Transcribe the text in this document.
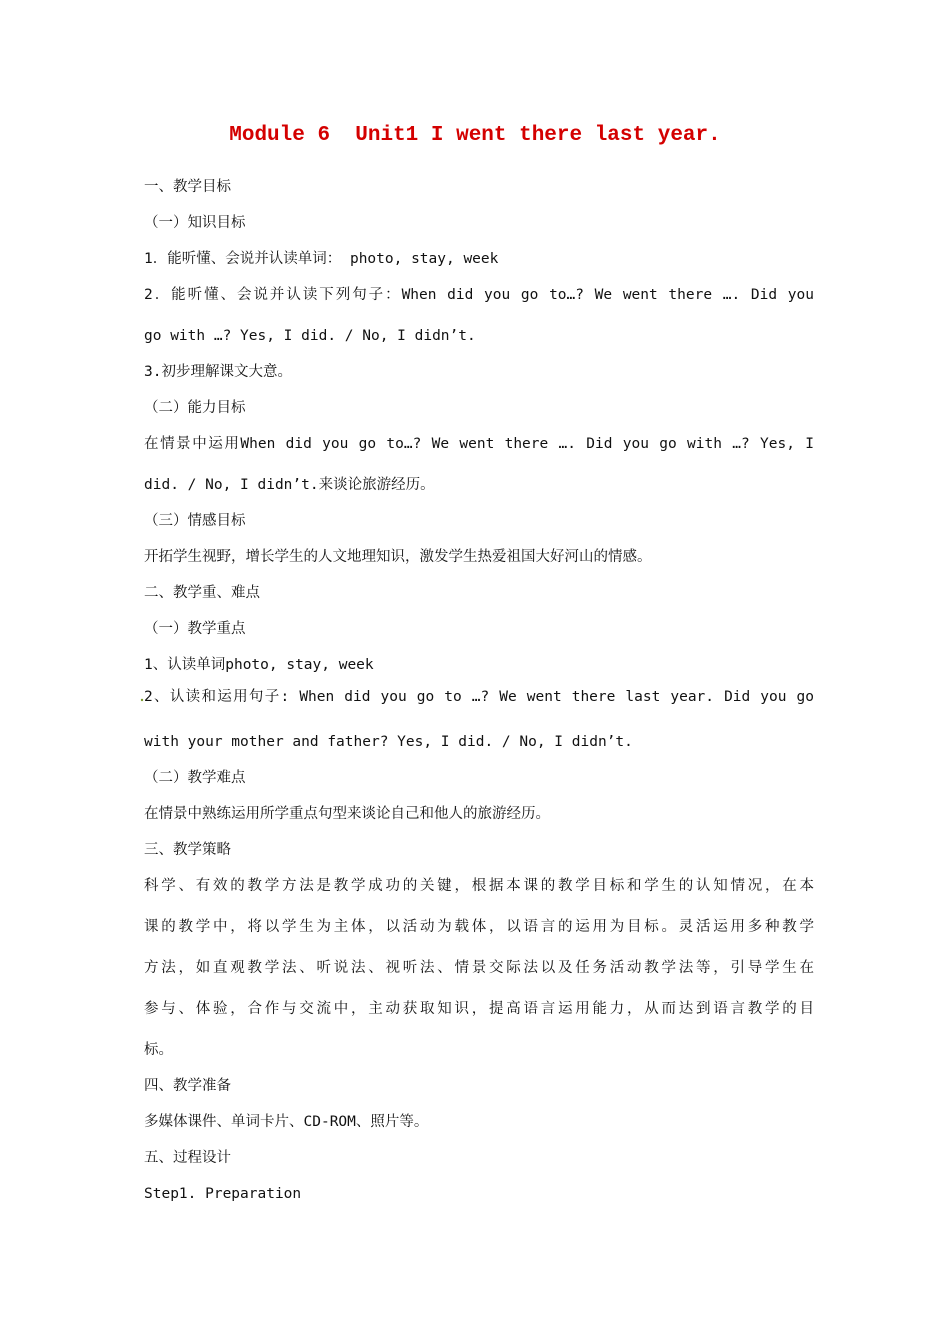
Module 6  Unit1 I went there last year.
一、教学目标
（一）知识目标
1．能听懂、会说并认读单词： photo, stay, week
2．能听懂、会说并认读下列句子：When did you go to…? We went there …. Did you
go with …? Yes, I did. / No, I didn’t.
3.初步理解课文大意。
（二）能力目标
在情景中运用When did you go to…? We went there …. Did you go with …? Yes, I
did. / No, I didn’t.来谈论旅游经历。
（三）情感目标
开拓学生视野，增长学生的人文地理知识，激发学生热爱祖国大好河山的情感。
二、教学重、难点
（一）教学重点
1、认读单词photo, stay, week
2、认读和运用句子: When did you go to …? We went there last year. Did you go
with your mother and father? Yes, I did. / No, I didn’t.
（二）教学难点
在情景中熟练运用所学重点句型来谈论自己和他人的旅游经历。
三、教学策略
科学、有效的教学方法是教学成功的关键，根据本课的教学目标和学生的认知情况，在本
课的教学中，将以学生为主体，以活动为载体，以语言的运用为目标。灵活运用多种教学
方法，如直观教学法、听说法、视听法、情景交际法以及任务活动教学法等，引导学生在
参与、体验，合作与交流中，主动获取知识，提高语言运用能力，从而达到语言教学的目
标。
四、教学准备
多媒体课件、单词卡片、CD-ROM、照片等。
五、过程设计
Step1. Preparation
